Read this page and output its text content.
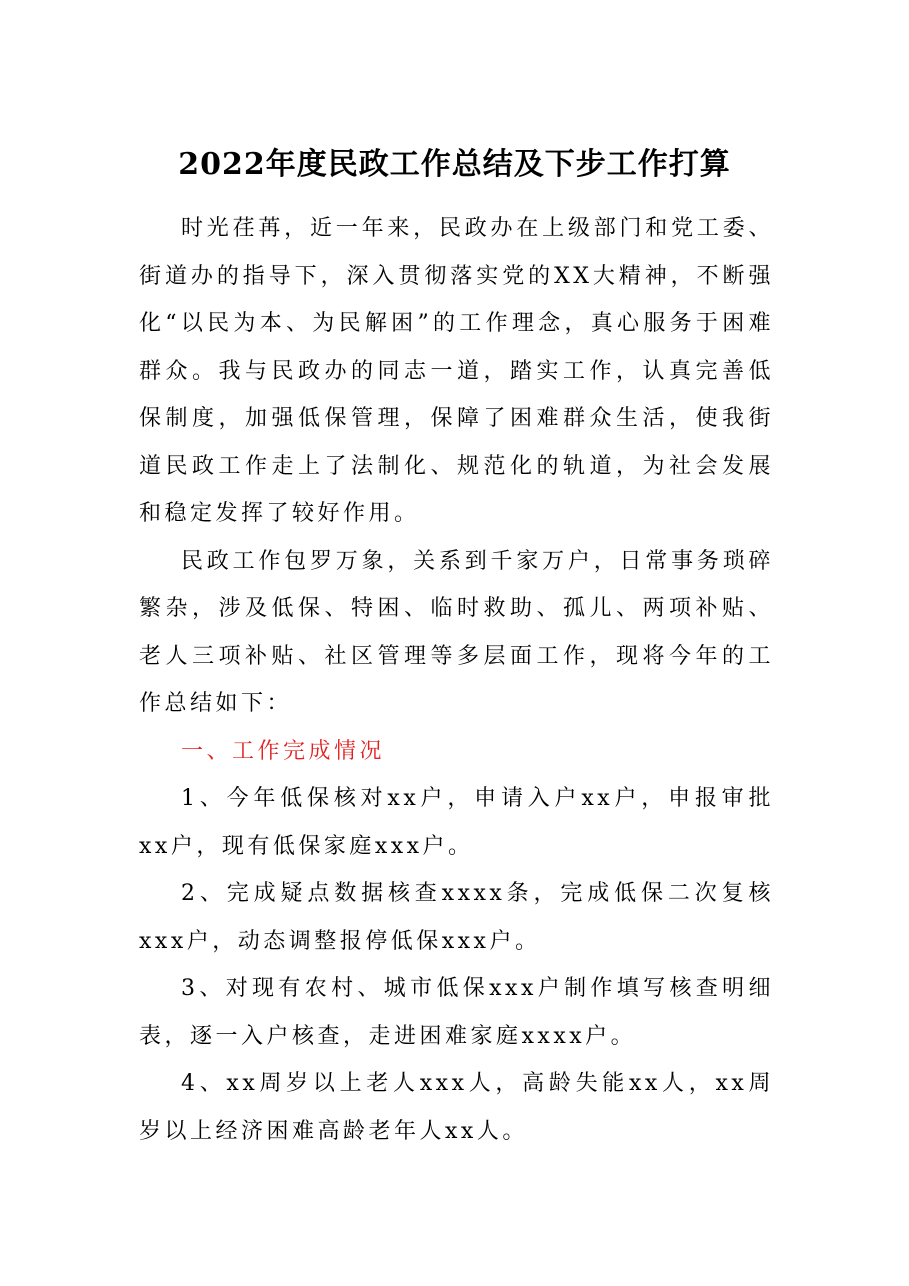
2022年度民政工作总结及下步工作打算

时光荏苒，近一年来，民政办在上级部门和党工委、街道办的指导下，深入贯彻落实党的XX大精神，不断强化“以民为本、为民解困”的工作理念，真心服务于困难群众。我与民政办的同志一道，踏实工作，认真完善低保制度，加强低保管理，保障了困难群众生活，使我街道民政工作走上了法制化、规范化的轨道，为社会发展和稳定发挥了较好作用。

民政工作包罗万象，关系到千家万户，日常事务琐碎繁杂，涉及低保、特困、临时救助、孤儿、两项补贴、老人三项补贴、社区管理等多层面工作，现将今年的工作总结如下：

一、工作完成情况

1、今年低保核对xx户，申请入户xx户，申报审批xx户，现有低保家庭xxx户。

2、完成疑点数据核查xxxx条，完成低保二次复核xxx户，动态调整报停低保xxx户。

3、对现有农村、城市低保xxx户制作填写核查明细表，逐一入户核查，走进困难家庭xxxx户。

4、xx周岁以上老人xxx人，高龄失能xx人，xx周岁以上经济困难高龄老年人xx人。
